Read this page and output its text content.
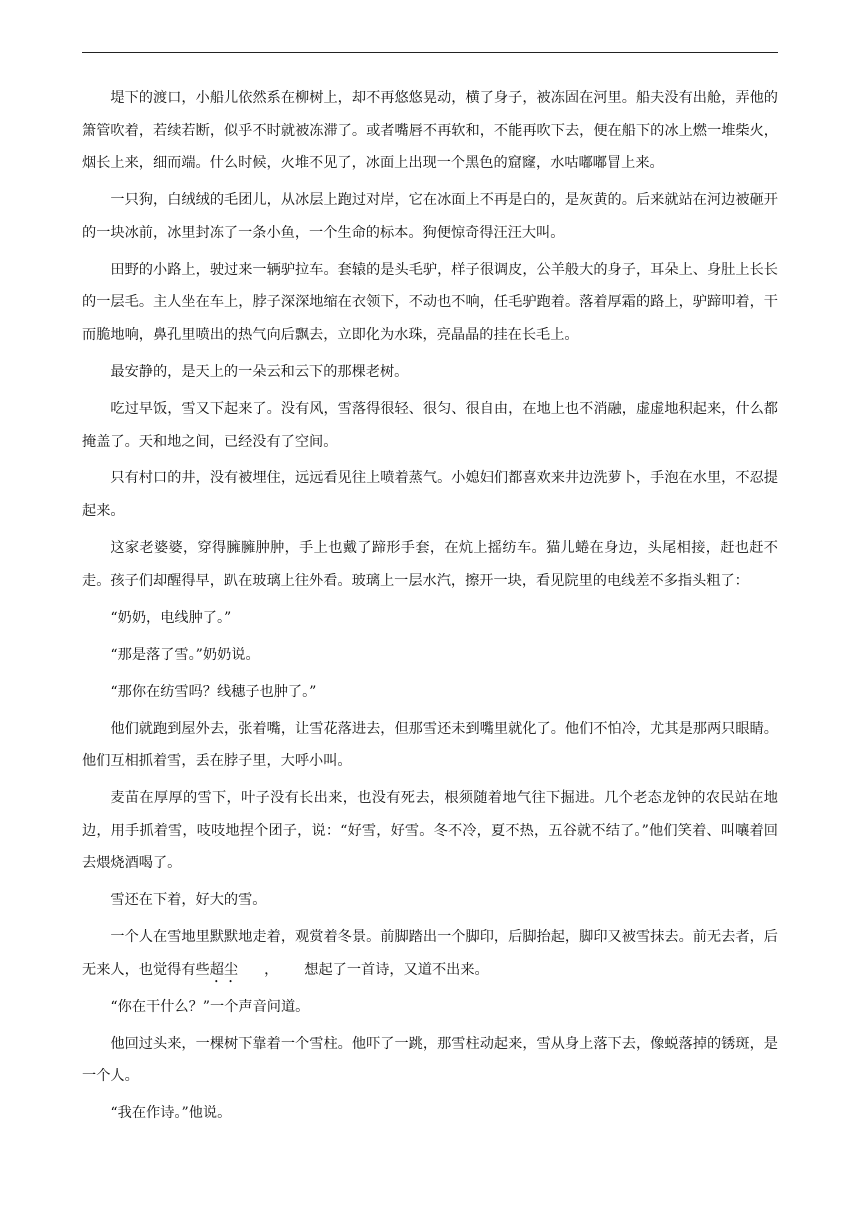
堤下的渡口，小船儿依然系在柳树上，却不再悠悠晃动，横了身子，被冻固在河里。船夫没有出舱，弄他的箫管吹着，若续若断，似乎不时就被冻滞了。或者嘴唇不再软和，不能再吹下去，便在船下的冰上燃一堆柴火，烟长上来，细而端。什么时候，火堆不见了，冰面上出现一个黑色的窟窿，水咕嘟嘟冒上来。

一只狗，白绒绒的毛团儿，从冰层上跑过对岸，它在冰面上不再是白的，是灰黄的。后来就站在河边被砸开的一块冰前，冰里封冻了一条小鱼，一个生命的标本。狗便惊奇得汪汪大叫。

田野的小路上，驶过来一辆驴拉车。套辕的是头毛驴，样子很调皮，公羊般大的身子，耳朵上、身肚上长长的一层毛。主人坐在车上，脖子深深地缩在衣领下，不动也不响，任毛驴跑着。落着厚霜的路上，驴蹄叩着，干而脆地响，鼻孔里喷出的热气向后飘去，立即化为水珠，亮晶晶的挂在长毛上。

最安静的，是天上的一朵云和云下的那棵老树。

吃过早饭，雪又下起来了。没有风，雪落得很轻、很匀、很自由，在地上也不消融，虚虚地积起来，什么都掩盖了。天和地之间，已经没有了空间。

只有村口的井，没有被埋住，远远看见往上喷着蒸气。小媳妇们都喜欢来井边洗萝卜，手泡在水里，不忍提起来。

这家老婆婆，穿得臃臃肿肿，手上也戴了蹄形手套，在炕上摇纺车。猫儿蜷在身边，头尾相接，赶也赶不走。孩子们却醒得早，趴在玻璃上往外看。玻璃上一层水汽，擦开一块，看见院里的电线差不多指头粗了：

“奶奶，电线肿了。”

“那是落了雪。”奶奶说。

“那你在纺雪吗？线穗子也肿了。”

他们就跑到屋外去，张着嘴，让雪花落进去，但那雪还未到嘴里就化了。他们不怕冷，尤其是那两只眼睛。他们互相抓着雪，丢在脖子里，大呼小叫。

麦苗在厚厚的雪下，叶子没有长出来，也没有死去，根须随着地气往下掘进。几个老态龙钟的农民站在地边，用手抓着雪，吱吱地捏个团子，说：“好雪，好雪。冬不冷，夏不热，五谷就不结了。”他们笑着、叫嚷着回去煨烧酒喝了。

雪还在下着，好大的雪。

一个人在雪地里默默地走着，观赏着冬景。前脚踏出一个脚印，后脚抬起，脚印又被雪抹去。前无去者，后无来人，也觉得有些超尘 ， 想起了一首诗，又道不出来。

“你在干什么？”一个声音问道。

他回过头来，一棵树下靠着一个雪柱。他吓了一跳，那雪柱动起来，雪从身上落下去，像蜕落掉的锈斑，是一个人。

“我在作诗。”他说。
